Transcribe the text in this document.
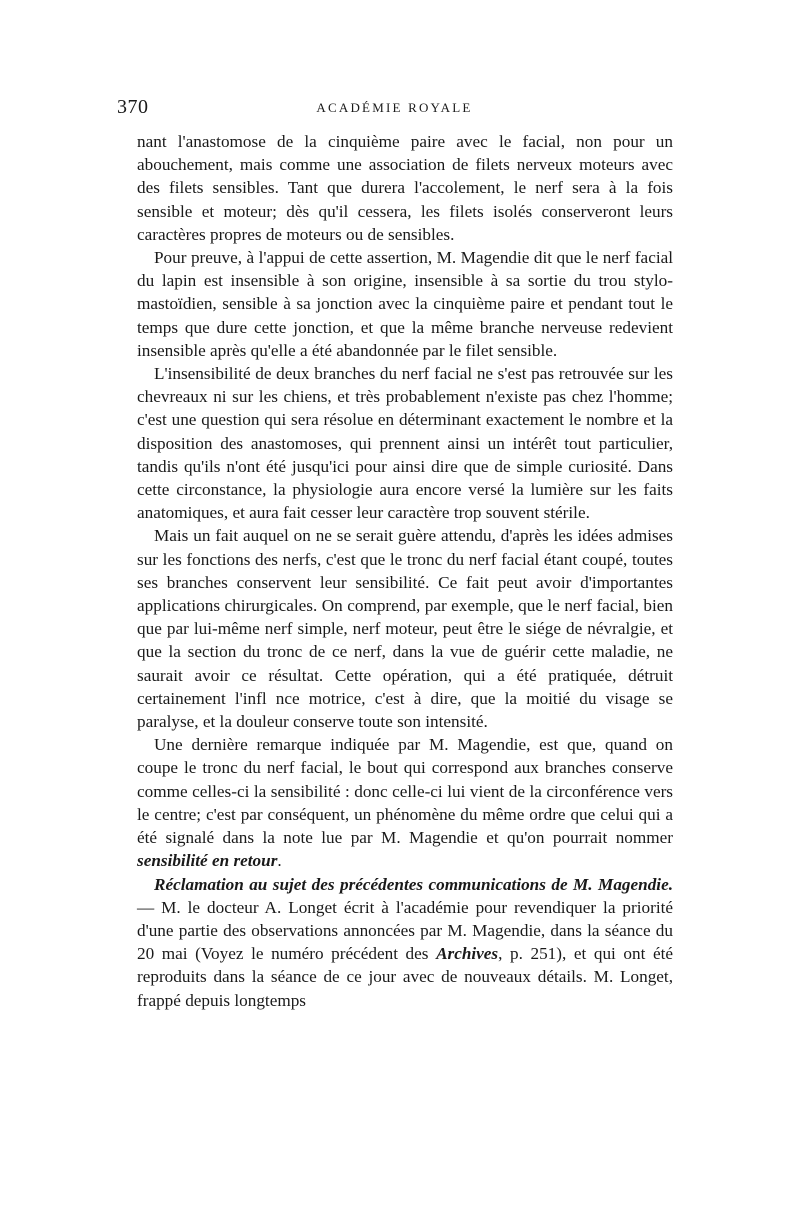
370	ACADÉMIE ROYALE

nant l'anastomose de la cinquième paire avec le facial, non pour un abouchement, mais comme une association de filets nerveux moteurs avec des filets sensibles. Tant que durera l'accolement, le nerf sera à la fois sensible et moteur; dès qu'il cessera, les filets isolés conserveront leurs caractères propres de moteurs ou de sensibles.

Pour preuve, à l'appui de cette assertion, M. Magendie dit que le nerf facial du lapin est insensible à son origine, insensible à sa sortie du trou stylo-mastoïdien, sensible à sa jonction avec la cinquième paire et pendant tout le temps que dure cette jonction, et que la même branche nerveuse redevient insensible après qu'elle a été abandonnée par le filet sensible.

L'insensibilité de deux branches du nerf facial ne s'est pas retrouvée sur les chevreaux ni sur les chiens, et très probablement n'existe pas chez l'homme; c'est une question qui sera résolue en déterminant exactement le nombre et la disposition des anastomoses, qui prennent ainsi un intérêt tout particulier, tandis qu'ils n'ont été jusqu'ici pour ainsi dire que de simple curiosité. Dans cette circonstance, la physiologie aura encore versé la lumière sur les faits anatomiques, et aura fait cesser leur caractère trop souvent stérile.

Mais un fait auquel on ne se serait guère attendu, d'après les idées admises sur les fonctions des nerfs, c'est que le tronc du nerf facial étant coupé, toutes ses branches conservent leur sensibilité. Ce fait peut avoir d'importantes applications chirurgicales. On comprend, par exemple, que le nerf facial, bien que par lui-même nerf simple, nerf moteur, peut être le siége de névralgie, et que la section du tronc de ce nerf, dans la vue de guérir cette maladie, ne saurait avoir ce résultat. Cette opération, qui a été pratiquée, détruit certainement l'infl nce motrice, c'est à dire, que la moitié du visage se paralyse, et la douleur conserve toute son intensité.

Une dernière remarque indiquée par M. Magendie, est que, quand on coupe le tronc du nerf facial, le bout qui correspond aux branches conserve comme celles-ci la sensibilité : donc celle-ci lui vient de la circonférence vers le centre; c'est par conséquent, un phénomène du même ordre que celui qui a été signalé dans la note lue par M. Magendie et qu'on pourrait nommer sensibilité en retour.

Réclamation au sujet des précédentes communications de M. Magendie. — M. le docteur A. Longet écrit à l'académie pour revendiquer la priorité d'une partie des observations annoncées par M. Magendie, dans la séance du 20 mai (Voyez le numéro précédent des Archives, p. 251), et qui ont été reproduits dans la séance de ce jour avec de nouveaux détails. M. Longet, frappé depuis longtemps
